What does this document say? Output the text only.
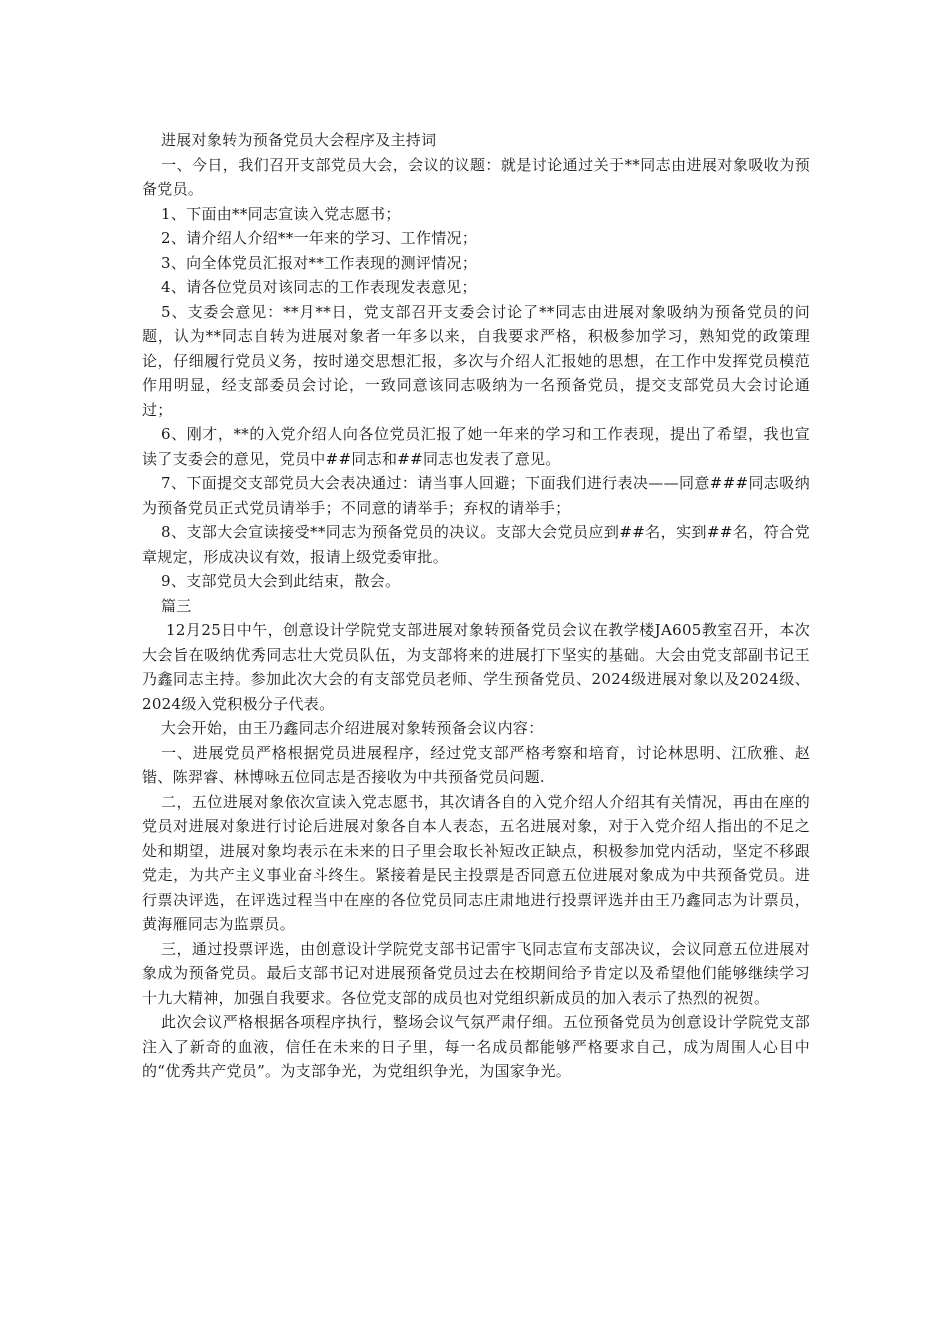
进展对象转为预备党员大会程序及主持词

一、今日，我们召开支部党员大会，会议的议题：就是讨论通过关于**同志由进展对象吸收为预备党员。

1、下面由**同志宣读入党志愿书；

2、请介绍人介绍**一年来的学习、工作情况；

3、向全体党员汇报对**工作表现的测评情况；

4、请各位党员对该同志的工作表现发表意见；

5、支委会意见：**月**日，党支部召开支委会讨论了**同志由进展对象吸纳为预备党员的问题，认为**同志自转为进展对象者一年多以来，自我要求严格，积极参加学习，熟知党的政策理论，仔细履行党员义务，按时递交思想汇报，多次与介绍人汇报她的思想，在工作中发挥党员模范作用明显，经支部委员会讨论，一致同意该同志吸纳为一名预备党员，提交支部党员大会讨论通过；

6、刚才，**的入党介绍人向各位党员汇报了她一年来的学习和工作表现，提出了希望，我也宣读了支委会的意见，党员中##同志和##同志也发表了意见。

7、下面提交支部党员大会表决通过：请当事人回避；下面我们进行表决——同意###同志吸纳为预备党员正式党员请举手；不同意的请举手；弃权的请举手；

8、支部大会宣读接受**同志为预备党员的决议。支部大会党员应到##名，实到##名，符合党章规定，形成决议有效，报请上级党委审批。

9、支部党员大会到此结束，散会。

篇三

12月25日中午，创意设计学院党支部进展对象转预备党员会议在教学楼JA605教室召开，本次大会旨在吸纳优秀同志壮大党员队伍，为支部将来的进展打下坚实的基础。大会由党支部副书记王乃鑫同志主持。参加此次大会的有支部党员老师、学生预备党员、2024级进展对象以及2024级、2024级入党积极分子代表。

大会开始，由王乃鑫同志介绍进展对象转预备会议内容：

一、进展党员严格根据党员进展程序，经过党支部严格考察和培育，讨论林思明、江欣雅、赵锴、陈羿睿、林博咏五位同志是否接收为中共预备党员问题.

二，五位进展对象依次宣读入党志愿书，其次请各自的入党介绍人介绍其有关情况，再由在座的党员对进展对象进行讨论后进展对象各自本人表态，五名进展对象，对于入党介绍人指出的不足之处和期望，进展对象均表示在未来的日子里会取长补短改正缺点，积极参加党内活动，坚定不移跟党走，为共产主义事业奋斗终生。紧接着是民主投票是否同意五位进展对象成为中共预备党员。进行票决评选，在评选过程当中在座的各位党员同志庄肃地进行投票评选并由王乃鑫同志为计票员，黄海雁同志为监票员。

三，通过投票评选，由创意设计学院党支部书记雷宇飞同志宣布支部决议，会议同意五位进展对象成为预备党员。最后支部书记对进展预备党员过去在校期间给予肯定以及希望他们能够继续学习十九大精神，加强自我要求。各位党支部的成员也对党组织新成员的加入表示了热烈的祝贺。

此次会议严格根据各项程序执行，整场会议气氛严肃仔细。五位预备党员为创意设计学院党支部注入了新奇的血液，信任在未来的日子里，每一名成员都能够严格要求自己，成为周围人心目中的“优秀共产党员”。为支部争光，为党组织争光，为国家争光。
